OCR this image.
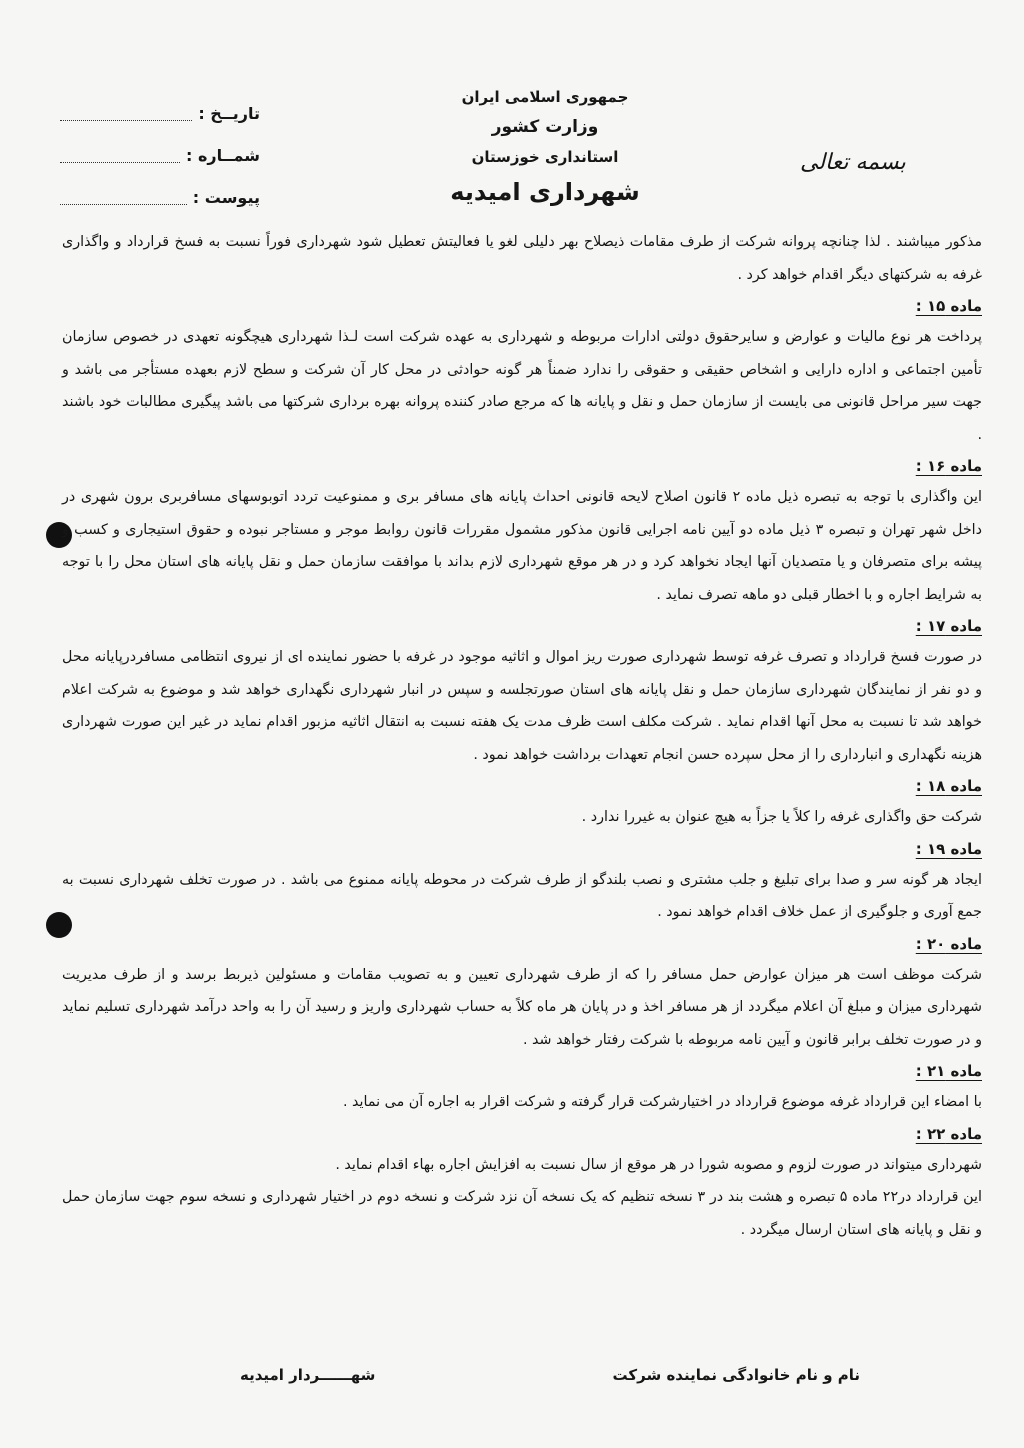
بسمه تعالی
جمهوری اسلامی ایران
وزارت کشور
استانداری خوزستان
شهرداری امیدیه
تاریــخ :
شمــاره :
پیوست :

مذکور میباشند . لذا چنانچه پروانه شرکت از طرف مقامات ذیصلاح بهر دلیلی لغو یا فعالیتش تعطیل شود شهرداری فوراً نسبت به فسخ قرارداد و واگذاری غرفه به شرکتهای دیگر اقدام خواهد کرد .

ماده ۱۵ :

پرداخت هر نوع مالیات و عوارض و سایرحقوق دولتی ادارات مربوطه و شهرداری به عهده شرکت است لـذا شهرداری هیچگونه تعهدی در خصوص سازمان تأمین اجتماعی و اداره دارایی و اشخاص حقیقی و حقوقی را ندارد ضمناً هر گونه حوادثی در محل کار آن شرکت و سطح لازم بعهده مستأجر می باشد و جهت سیر مراحل قانونی می بایست از سازمان حمل و نقل و پایانه ها که مرجع صادر کننده پروانه بهره برداری شرکتها می باشد پیگیری مطالبات خود باشند .

ماده ۱۶ :

این واگذاری با توجه به تبصره ذیل ماده ۲ قانون اصلاح لایحه قانونی احداث پایانه های مسافر بری و ممنوعیت تردد اتوبوسهای مسافربری برون شهری در داخل شهر تهران و تبصره ۳ ذیل ماده دو آیین نامه اجرایی قانون مذکور مشمول مقررات قانون روابط موجر و مستاجر نبوده و حقوق استیجاری و کسب و پیشه برای متصرفان و یا متصدیان آنها ایجاد نخواهد کرد و در هر موقع شهرداری لازم بداند با موافقت سازمان حمل و نقل پایانه های استان محل را با توجه به شرایط اجاره و با اخطار قبلی دو ماهه تصرف نماید .

ماده ۱۷ :

در صورت فسخ قرارداد و تصرف غرفه توسط شهرداری صورت ریز اموال و اثاثیه موجود در غرفه با حضور نماینده ای از نیروی انتظامی مسافردرپایانه محل و دو نفر از نمایندگان شهرداری سازمان حمل و نقل پایانه های استان صورتجلسه و سپس در انبار شهرداری نگهداری خواهد شد و موضوع به شرکت اعلام خواهد شد تا نسبت به محل آنها اقدام نماید . شرکت مکلف است ظرف مدت یک هفته نسبت به انتقال اثاثیه مزبور اقدام نماید در غیر این صورت شهرداری هزینه نگهداری و انبارداری را از محل سپرده حسن انجام تعهدات برداشت خواهد نمود .

ماده ۱۸ :

شرکت حق واگذاری غرفه را کلاً یا جزاً به هیچ عنوان به غیررا ندارد .

ماده ۱۹ :

ایجاد هر گونه سر و صدا برای تبلیغ و جلب مشتری و نصب بلندگو از طرف شرکت در محوطه پایانه ممنوع می باشد . در صورت تخلف شهرداری نسبت به جمع آوری و جلوگیری از عمل خلاف اقدام خواهد نمود .

ماده ۲۰ :

شرکت موظف است هر میزان عوارض حمل مسافر را که از طرف شهرداری تعیین و به تصویب مقامات و مسئولین ذیربط برسد و از طرف مدیریت شهرداری میزان و مبلغ آن اعلام میگردد از هر مسافر اخذ و در پایان هر ماه کلاً به حساب شهرداری واریز و رسید آن را به واحد درآمد شهرداری تسلیم نماید و در صورت تخلف برابر قانون و آیین نامه مربوطه با شرکت رفتار خواهد شد .

ماده ۲۱ :

با امضاء این قرارداد غرفه موضوع قرارداد در اختیارشرکت قرار گرفته و شرکت اقرار به اجاره آن می نماید .

ماده ۲۲ :

شهرداری میتواند در صورت لزوم و مصوبه شورا در هر موقع از سال نسبت به افزایش اجاره بهاء اقدام نماید .

این قرارداد در۲۲ ماده ۵ تبصره و هشت بند در ۳ نسخه تنظیم که یک نسخه آن نزد شرکت و نسخه دوم در اختیار شهرداری و نسخه سوم جهت سازمان حمل و نقل و پایانه های استان ارسال میگردد .

نام و نام خانوادگی نماینده شرکت
شهــــــردار امیدیه
